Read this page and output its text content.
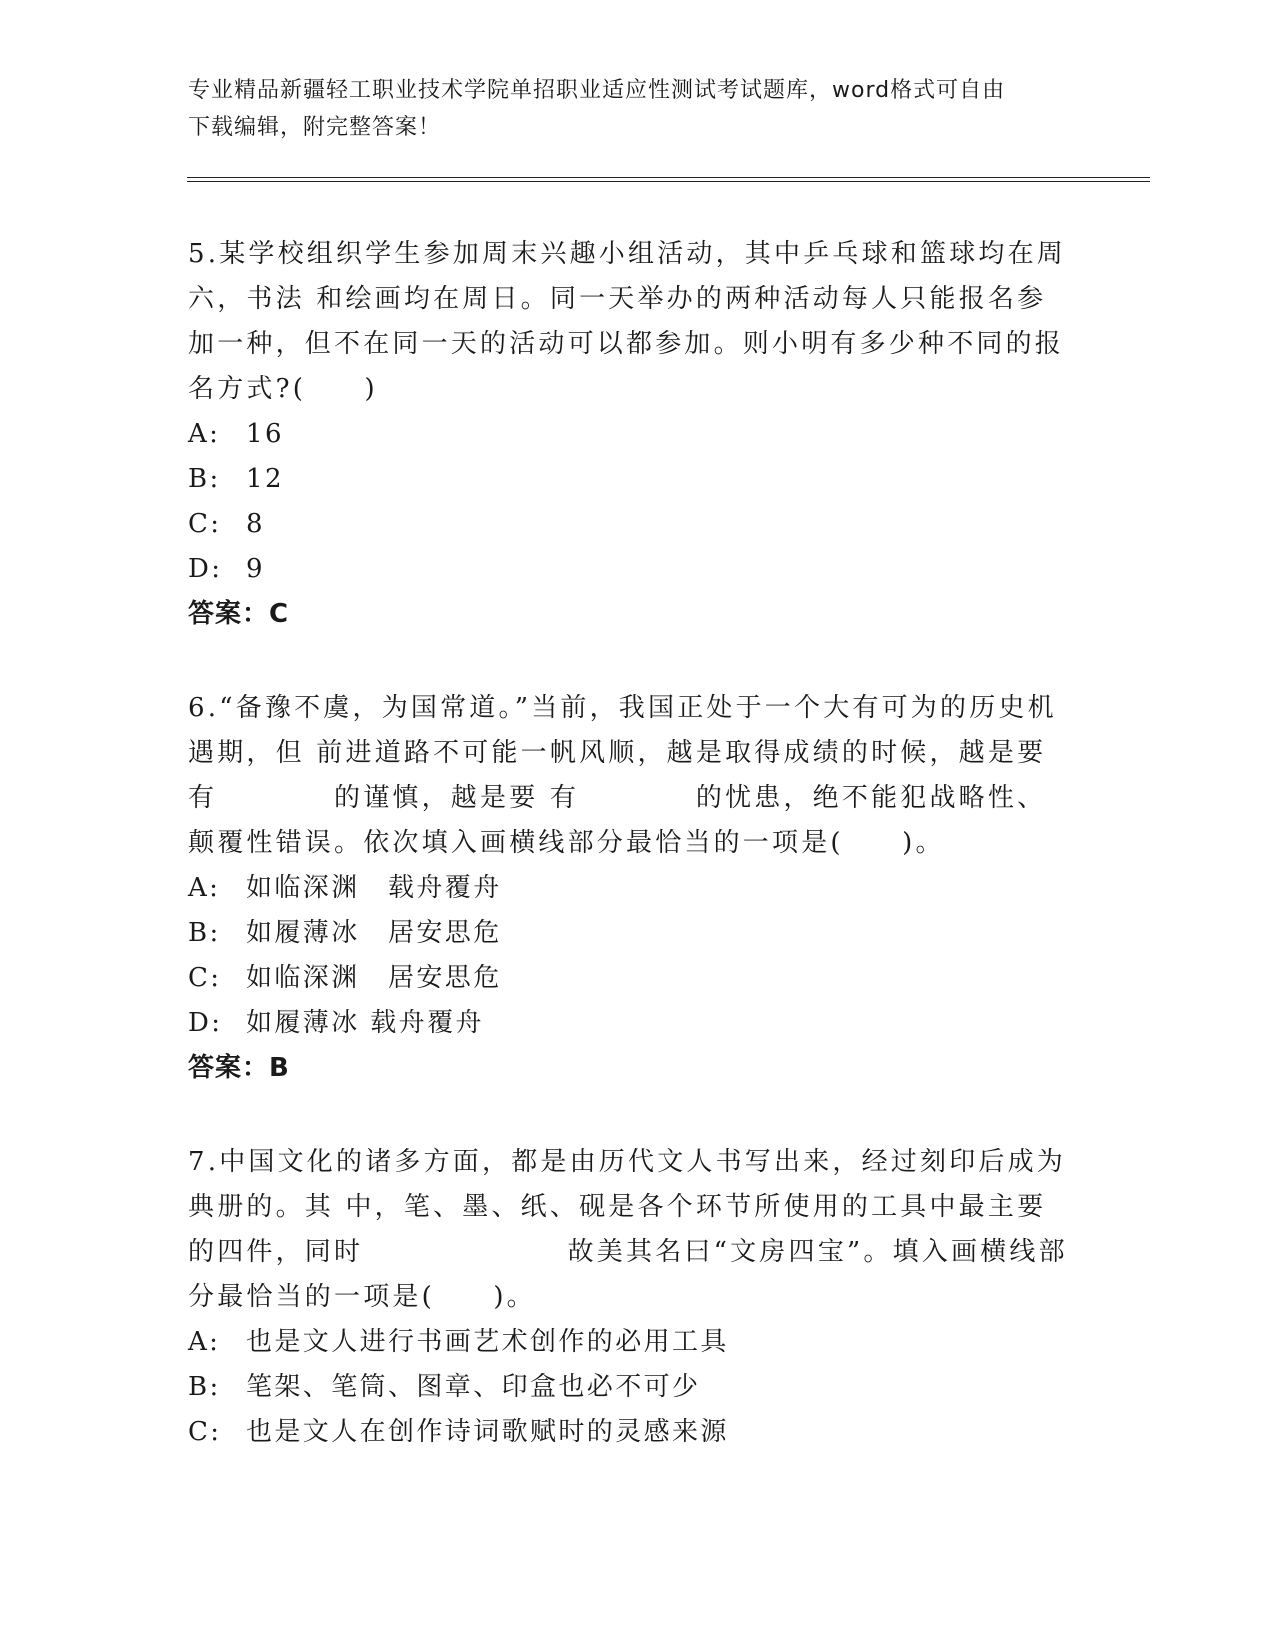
专业精品新疆轻工职业技术学院单招职业适应性测试考试题库，word格式可自由
下载编辑，附完整答案！

5.某学校组织学生参加周末兴趣小组活动，其中乒乓球和篮球均在周六，书法 和绘画均在周日。同一天举办的两种活动每人只能报名参加一种，但不在同一天的活动可以都参加。则小明有多少种不同的报名方式?(　　)

A: 16
B: 12
C: 8
D: 9

答案：C

6.“备豫不虞，为国常道。”当前，我国正处于一个大有可为的历史机遇期，但 前进道路不可能一帆风顺，越是取得成绩的时候，越是要有　　　　的谨慎，越是要 有　　　　的忧患，绝不能犯战略性、颠覆性错误。依次填入画横线部分最恰当的一项是(　　)。

A: 如临深渊　载舟覆舟
B: 如履薄冰　居安思危
C: 如临深渊　居安思危
D: 如履薄冰 载舟覆舟

答案：B

7.中国文化的诸多方面，都是由历代文人书写出来，经过刻印后成为典册的。其 中，笔、墨、纸、砚是各个环节所使用的工具中最主要的四件，同时　　　　　　　故美其名曰“文房四宝”。填入画横线部分最恰当的一项是(　　)。

A: 也是文人进行书画艺术创作的必用工具
B: 笔架、笔筒、图章、印盒也必不可少
C: 也是文人在创作诗词歌赋时的灵感来源
